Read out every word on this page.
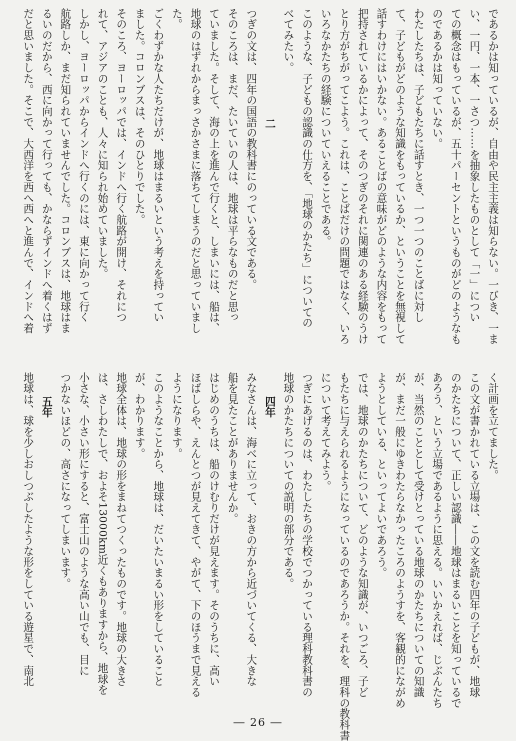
であるかは知っているが、自由や民主主義は知らない。一びき、一ま

い、一円、一本、一さつ……を抽象したものとして「一」につい

ての概念はもっているが、五十パーセントというものがどのようなも

のであるかは知っていない。

わたしたちは、子どもたちに話すとき、一つ一つのことばに対し

て、子どもがどのような知識をもっているか、ということを無視して

話すわけにはいかない。あることばの意味がどのような内容をもって

把持されているかによって、そのつぎのそれに関連のある経験のうけ

とり方がちがってこよう。これは、ことばだけの問題ではなく、いろ

いろなかたちの経験についていえることである。

このような、子どもの認識の仕方を、「地球のかたち」についての

べてみたい。

二

つぎの文は、四年の国語の教科書にのっている文である。

そのころは、まだ、たいていの人は、地球は平らなものだと思っ

ていました。そして、海の上を進んで行くと、しまいには、船は、

地球のはずれからまっさかさまに落ちてしまうのだと思っていまし

た。

ごくわずかな人たちだけが、地球はまるいという考えを持ってい

ました。コロンブスは、そのひとりでした。

そのころ、ヨーロッパでは、インドへ行く航路が開け、それにつ

れて、アジアのことも、人々に知られ始めていました。

しかし、ヨーロッパからインドへ行くのには、東に向かって行く

航路しか、まだ知られていませんでした。コロンブスは、地球はま

るいのだから、西に向かって行っても、かならずインドへ着くはず

だと思いました。そこで、大西洋を西へ西へと進んで、インドへ着

く計画を立てました。

この文が書かれている立場は、この文を読む四年の子どもが、地球

のかたちについて、正しい認識――地球はまるいことを知っているで

あろう、という立場であるように思える。いいかえれば、じぶんたち

が、当然のこととして受けとっている地球のかたちについての知識

が、まだ一般にゆきわたらなかったころのようすを、客観的にながめ

ようとしている、といってよいであろう。

では、地球のかたちについて、どのような知識が、いつごろ、子ど

もたちに与えられるようになっているのであろうか。それを、理科の教科書

について考えてみよう。

つぎにあげるのは、わたしたちの学校でつかっている理科教科書の

地球のかたちについての説明の部分である。

四年

みなさんは、海べに立って、おきの方から近づいてくる、大きな

船を見たことがありませんか。

はじめのうちは、船のけむりだけが見えます。そのうちに、高い

ほばしらや、えんとつが見えてきて、やがて、下のほうまで見える

ようになります。

このようなことから、地球は、だいたいまるい形をしていること

が、わかります。

地球全体は、地球の形をまねてつくったものです。地球の大きさ

は、さしわたしで、およそ13000km近くもありますから、地球を

小さな、小さい形にすると、富士山のような高い山でも、目に

つかないほどの、高さになってしまいます。

五年

地球は、球を少しおしつぶしたような形をしている遊星で、南北

― 26 ―
